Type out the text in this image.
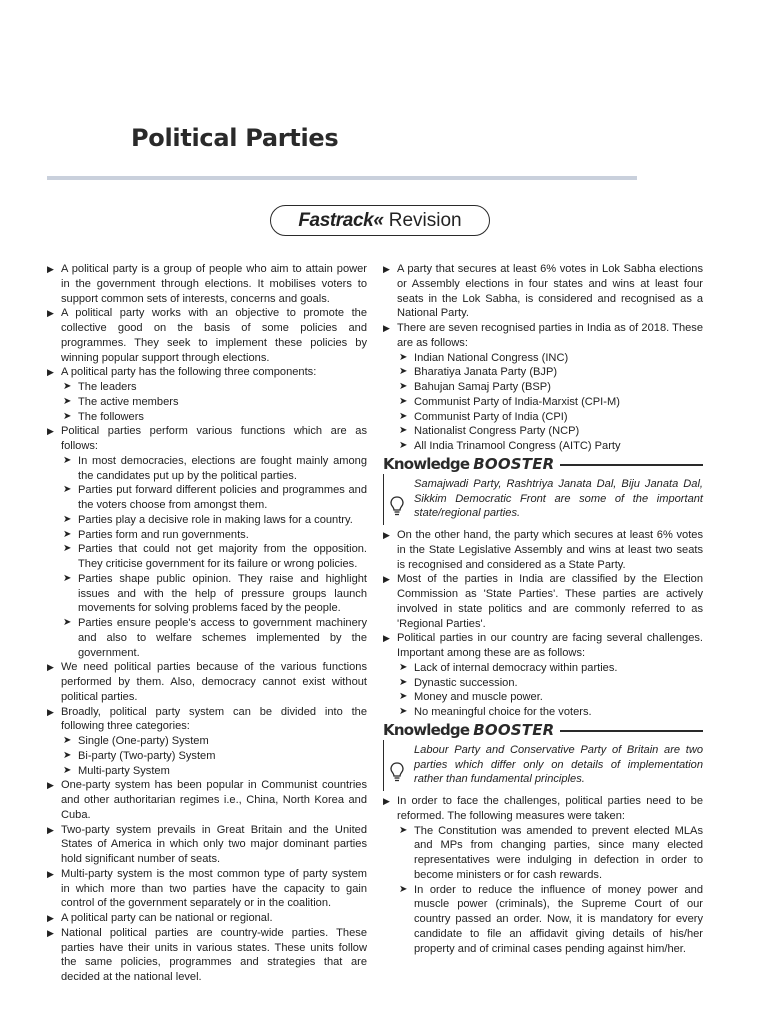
Political Parties
Fastrack« Revision
▶ A political party is a group of people who aim to attain power in the government through elections. It mobilises voters to support common sets of interests, concerns and goals.
▶ A political party works with an objective to promote the collective good on the basis of some policies and programmes. They seek to implement these policies by winning popular support through elections.
▶ A political party has the following three components:
➤ The leaders
➤ The active members
➤ The followers
▶ Political parties perform various functions which are as follows:
➤ In most democracies, elections are fought mainly among the candidates put up by the political parties.
➤ Parties put forward different policies and programmes and the voters choose from amongst them.
➤ Parties play a decisive role in making laws for a country.
➤ Parties form and run governments.
➤ Parties that could not get majority from the opposition. They criticise government for its failure or wrong policies.
➤ Parties shape public opinion. They raise and highlight issues and with the help of pressure groups launch movements for solving problems faced by the people.
➤ Parties ensure people's access to government machinery and also to welfare schemes implemented by the government.
▶ We need political parties because of the various functions performed by them. Also, democracy cannot exist without political parties.
▶ Broadly, political party system can be divided into the following three categories:
➤ Single (One-party) System
➤ Bi-party (Two-party) System
➤ Multi-party System
▶ One-party system has been popular in Communist countries and other authoritarian regimes i.e., China, North Korea and Cuba.
▶ Two-party system prevails in Great Britain and the United States of America in which only two major dominant parties hold significant number of seats.
▶ Multi-party system is the most common type of party system in which more than two parties have the capacity to gain control of the government separately or in the coalition.
▶ A political party can be national or regional.
▶ National political parties are country-wide parties. These parties have their units in various states. These units follow the same policies, programmes and strategies that are decided at the national level.
▶ A party that secures at least 6% votes in Lok Sabha elections or Assembly elections in four states and wins at least four seats in the Lok Sabha, is considered and recognised as a National Party.
▶ There are seven recognised parties in India as of 2018. These are as follows:
➤ Indian National Congress (INC)
➤ Bharatiya Janata Party (BJP)
➤ Bahujan Samaj Party (BSP)
➤ Communist Party of India-Marxist (CPI-M)
➤ Communist Party of India (CPI)
➤ Nationalist Congress Party (NCP)
➤ All India Trinamool Congress (AITC) Party
Knowledge BOOSTER
Samajwadi Party, Rashtriya Janata Dal, Biju Janata Dal, Sikkim Democratic Front are some of the important state/regional parties.
▶ On the other hand, the party which secures at least 6% votes in the State Legislative Assembly and wins at least two seats is recognised and considered as a State Party.
▶ Most of the parties in India are classified by the Election Commission as 'State Parties'. These parties are actively involved in state politics and are commonly referred to as 'Regional Parties'.
▶ Political parties in our country are facing several challenges. Important among these are as follows:
➤ Lack of internal democracy within parties.
➤ Dynastic succession.
➤ Money and muscle power.
➤ No meaningful choice for the voters.
Knowledge BOOSTER
Labour Party and Conservative Party of Britain are two parties which differ only on details of implementation rather than fundamental principles.
▶ In order to face the challenges, political parties need to be reformed. The following measures were taken:
➤ The Constitution was amended to prevent elected MLAs and MPs from changing parties, since many elected representatives were indulging in defection in order to become ministers or for cash rewards.
➤ In order to reduce the influence of money power and muscle power (criminals), the Supreme Court of our country passed an order. Now, it is mandatory for every candidate to file an affidavit giving details of his/her property and of criminal cases pending against him/her.
